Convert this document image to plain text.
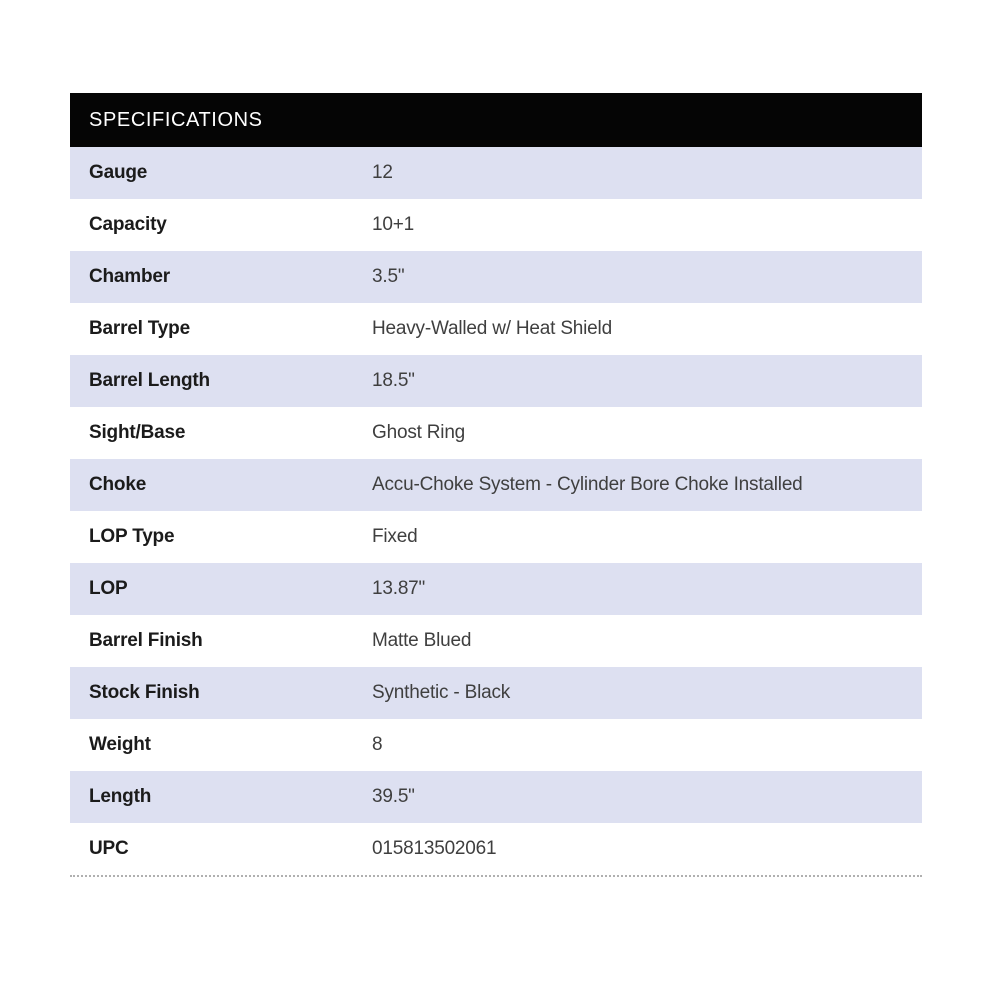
SPECIFICATIONS
Gauge	12
Capacity	10+1
Chamber	3.5"
Barrel Type	Heavy-Walled w/ Heat Shield
Barrel Length	18.5"
Sight/Base	Ghost Ring
Choke	Accu-Choke System - Cylinder Bore Choke Installed
LOP Type	Fixed
LOP	13.87"
Barrel Finish	Matte Blued
Stock Finish	Synthetic - Black
Weight	8
Length	39.5"
UPC	015813502061
